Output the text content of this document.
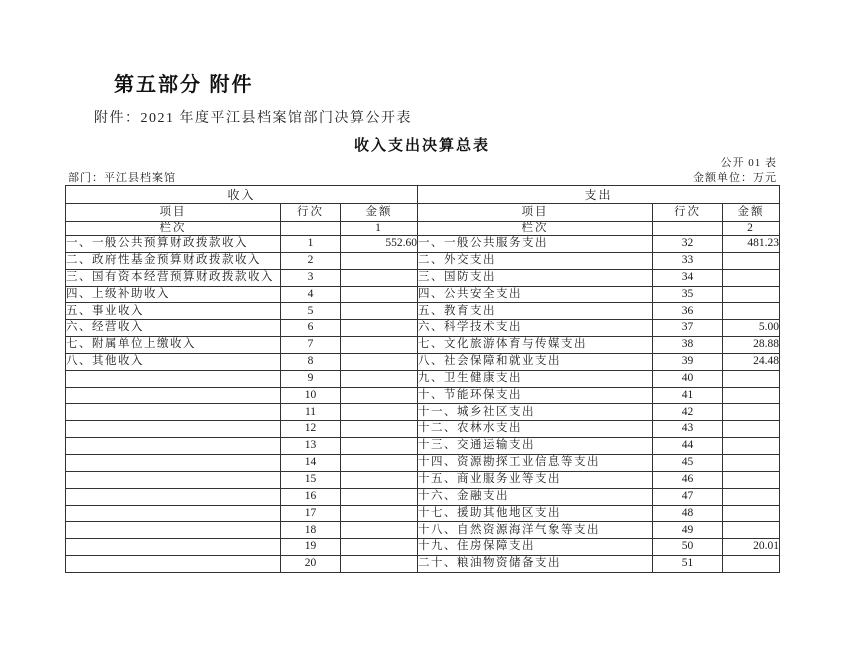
第五部分 附件
附件：2021 年度平江县档案馆部门决算公开表
收入支出决算总表
公开 01 表
部门：平江县档案馆	金额单位：万元
收入			支出		
项目	行次	金额	项目	行次	金额
栏次		1	栏次		2
一、一般公共预算财政拨款收入	1	552.60	一、一般公共服务支出	32	481.23
二、政府性基金预算财政拨款收入	2		二、外交支出	33	
三、国有资本经营预算财政拨款收入	3		三、国防支出	34	
四、上级补助收入	4		四、公共安全支出	35	
五、事业收入	5		五、教育支出	36	
六、经营收入	6		六、科学技术支出	37	5.00
七、附属单位上缴收入	7		七、文化旅游体育与传媒支出	38	28.88
八、其他收入	8		八、社会保障和就业支出	39	24.48
	9		九、卫生健康支出	40	
	10		十、节能环保支出	41	
	11		十一、城乡社区支出	42	
	12		十二、农林水支出	43	
	13		十三、交通运输支出	44	
	14		十四、资源勘探工业信息等支出	45	
	15		十五、商业服务业等支出	46	
	16		十六、金融支出	47	
	17		十七、援助其他地区支出	48	
	18		十八、自然资源海洋气象等支出	49	
	19		十九、住房保障支出	50	20.01
	20		二十、粮油物资储备支出	51	
